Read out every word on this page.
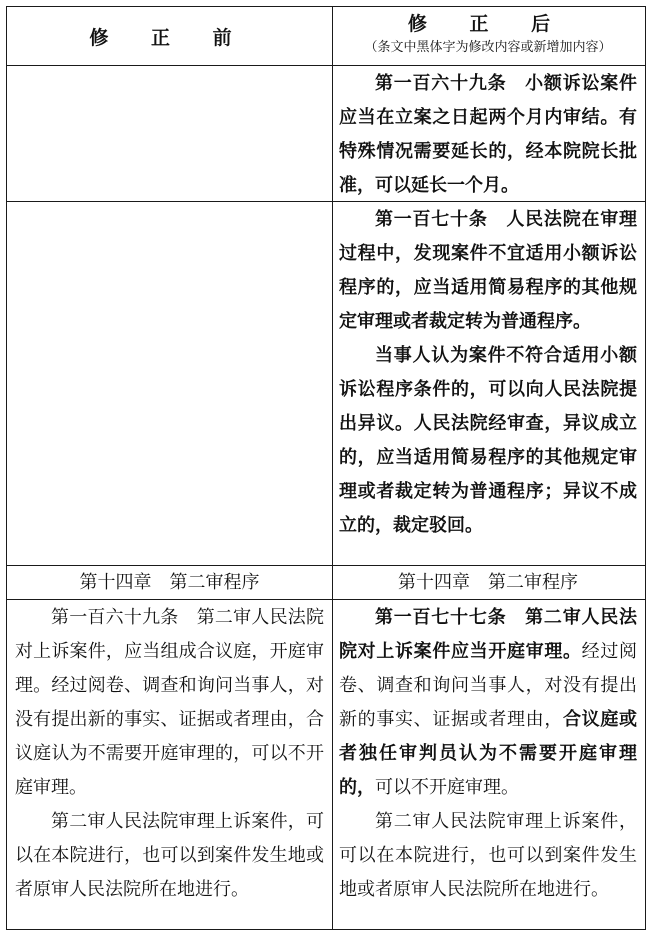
修 正 前
修 正 后
（条文中黑体字为修改内容或新增加内容）

第一百六十九条　小额诉讼案件应当在立案之日起两个月内审结。有特殊情况需要延长的，经本院院长批准，可以延长一个月。

第一百七十条　人民法院在审理过程中，发现案件不宜适用小额诉讼程序的，应当适用简易程序的其他规定审理或者裁定转为普通程序。

当事人认为案件不符合适用小额诉讼程序条件的，可以向人民法院提出异议。人民法院经审查，异议成立的，应当适用简易程序的其他规定审理或者裁定转为普通程序；异议不成立的，裁定驳回。

第十四章　第二审程序	第十四章　第二审程序

第一百六十九条　第二审人民法院对上诉案件，应当组成合议庭，开庭审理。经过阅卷、调查和询问当事人，对没有提出新的事实、证据或者理由，合议庭认为不需要开庭审理的，可以不开庭审理。

第二审人民法院审理上诉案件，可以在本院进行，也可以到案件发生地或者原审人民法院所在地进行。

第一百七十七条　第二审人民法院对上诉案件应当开庭审理。经过阅卷、调查和询问当事人，对没有提出新的事实、证据或者理由，合议庭或者独任审判员认为不需要开庭审理的，可以不开庭审理。

第二审人民法院审理上诉案件，可以在本院进行，也可以到案件发生地或者原审人民法院所在地进行。
